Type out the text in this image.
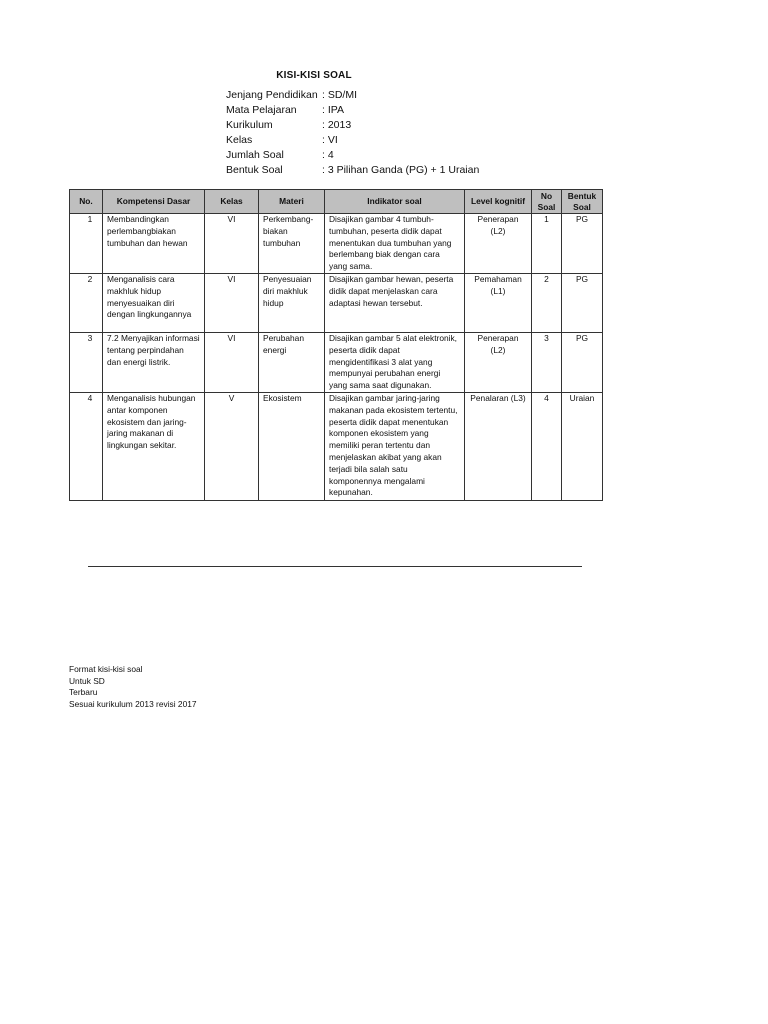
KISI-KISI SOAL
Jenjang Pendidikan	: SD/MI
Mata Pelajaran	: IPA
Kurikulum	: 2013
Kelas	: VI
Jumlah Soal	: 4
Bentuk Soal	: 3 Pilihan Ganda (PG) + 1 Uraian
No.	Kompetensi Dasar	Kelas	Materi	Indikator soal	Level kognitif	No Soal	Bentuk Soal
1	Membandingkan perlembangbiakan tumbuhan dan hewan	VI	Perkembang-biakan tumbuhan	Disajikan gambar 4 tumbuh-tumbuhan, peserta didik dapat menentukan dua tumbuhan yang berlembang biak dengan cara yang sama.	Penerapan (L2)	1	PG
2	Menganalisis cara makhluk hidup menyesuaikan diri dengan lingkungannya	VI	Penyesuaian diri makhluk hidup	Disajikan gambar hewan, peserta didik dapat menjelaskan cara adaptasi hewan tersebut.	Pemahaman (L1)	2	PG
3	7.2 Menyajikan informasi tentang perpindahan dan energi listrik.	VI	Perubahan energi	Disajikan gambar 5 alat elektronik, peserta didik dapat mengidentifikasi 3 alat yang mempunyai perubahan energi yang sama saat digunakan.	Penerapan (L2)	3	PG
4	Menganalisis hubungan antar komponen ekosistem dan jaring-jaring makanan di lingkungan sekitar.	V	Ekosistem	Disajikan gambar jaring-jaring makanan pada ekosistem tertentu, peserta didik dapat menentukan komponen ekosistem yang memiliki peran tertentu dan menjelaskan akibat yang akan terjadi bila salah satu komponennya mengalami kepunahan.	Penalaran (L3)	4	Uraian
Format kisi-kisi soal
Untuk SD
Terbaru
Sesuai kurikulum 2013 revisi 2017
